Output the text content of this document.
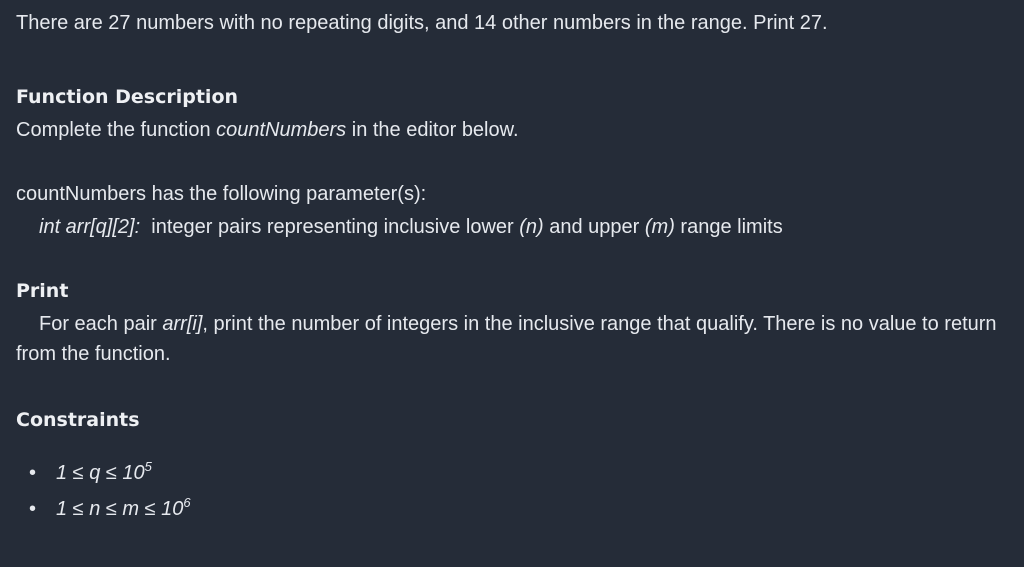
There are 27 numbers with no repeating digits, and 14 other numbers in the range. Print 27.

Function Description

Complete the function countNumbers in the editor below.

countNumbers has the following parameter(s):

int arr[q][2]:  integer pairs representing inclusive lower (n) and upper (m) range limits

Print

For each pair arr[i], print the number of integers in the inclusive range that qualify. There is no value to return from the function.

Constraints
• $1 \le q \le 10^5$
• $1 \le n \le m \le 10^6$
